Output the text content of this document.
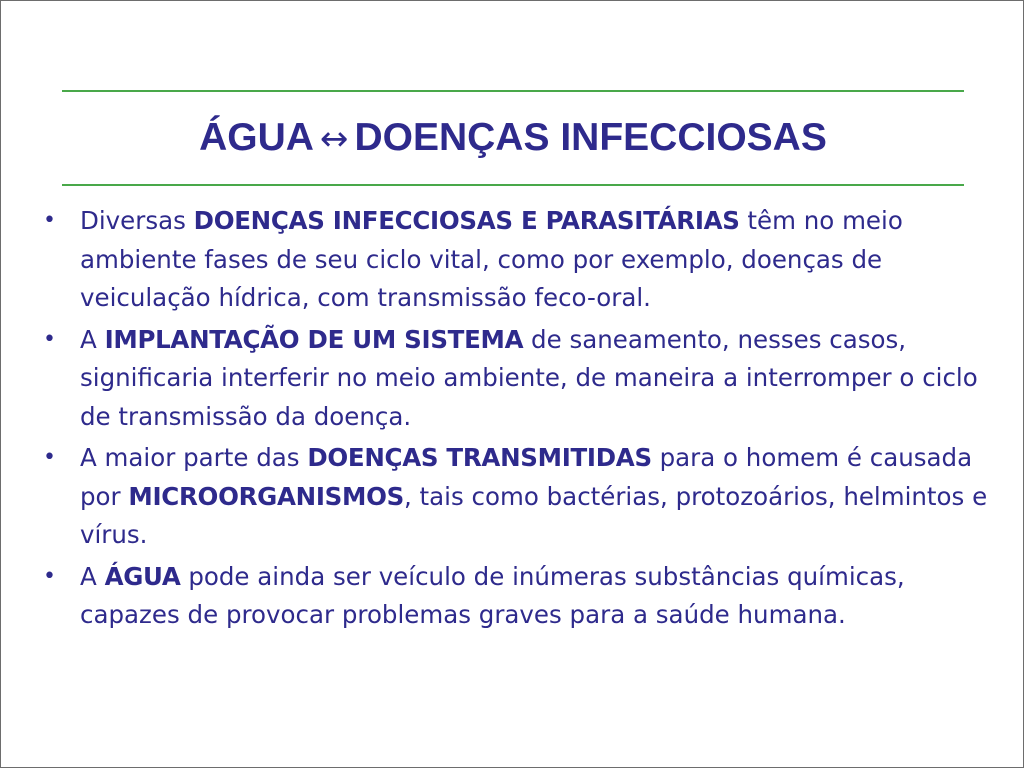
ÁGUA ↔ DOENÇAS INFECCIOSAS
• Diversas DOENÇAS INFECCIOSAS E PARASITÁRIAS têm no meio ambiente fases de seu ciclo vital, como por exemplo, doenças de veiculação hídrica, com transmissão feco-oral.
• A IMPLANTAÇÃO DE UM SISTEMA de saneamento, nesses casos, significaria interferir no meio ambiente, de maneira a interromper o ciclo de transmissão da doença.
• A maior parte das DOENÇAS TRANSMITIDAS para o homem é causada por MICROORGANISMOS, tais como bactérias, protozoários, helmintos e vírus.
• A ÁGUA pode ainda ser veículo de inúmeras substâncias químicas, capazes de provocar problemas graves para a saúde humana.
